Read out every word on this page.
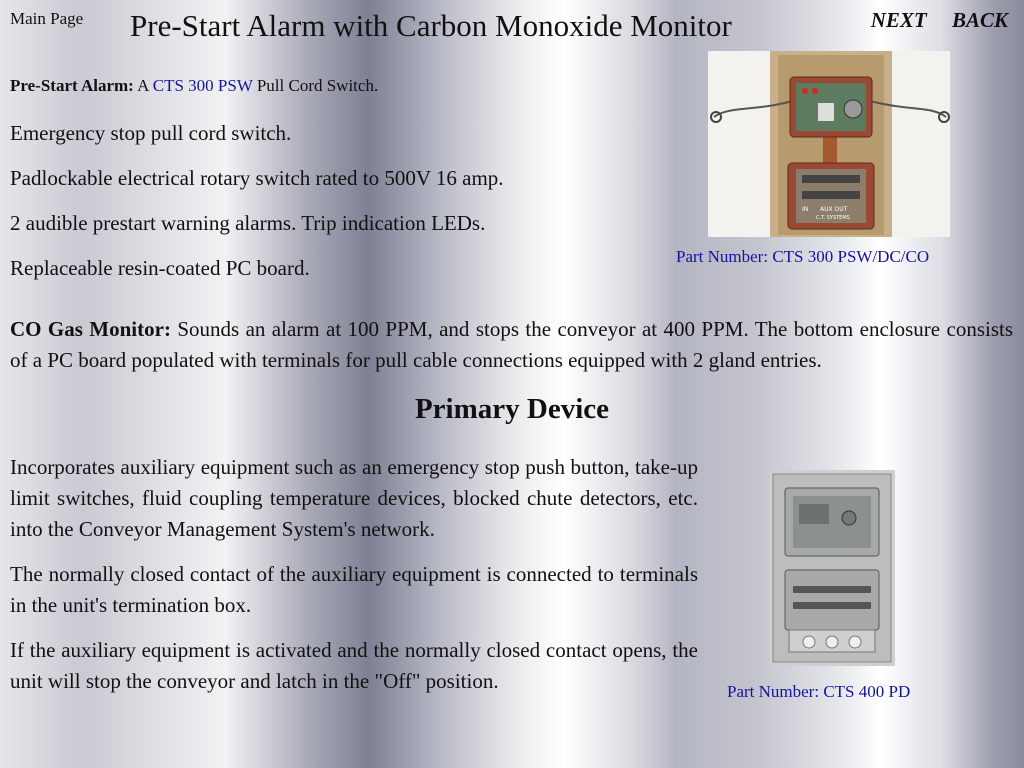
Main Page Pre-Start Alarm with Carbon Monoxide Monitor	NEXT BACK
Pre-Start Alarm: A CTS 300 PSW Pull Cord Switch.
Emergency stop pull cord switch.
Padlockable electrical rotary switch rated to 500V 16 amp.
2 audible prestart warning alarms. Trip indication LEDs.
Replaceable resin-coated PC board.
IN AUX OUT
C.T. SYSTEMS
Part Number: CTS 300 PSW/DC/CO
CO Gas Monitor: Sounds an alarm at 100 PPM, and stops the conveyor at 400 PPM. The bottom enclosure consists of a PC board populated with terminals for pull cable connections equipped with 2 gland entries.
Primary Device

Incorporates auxiliary equipment such as an emergency stop push button, take-up limit switches, fluid coupling temperature devices, blocked chute detectors, etc. into the Conveyor Management System's network.

The normally closed contact of the auxiliary equipment is connected to terminals in the unit's termination box.

If the auxiliary equipment is activated and the normally closed contact opens, the unit will stop the conveyor and latch in the "Off" position.	Part Number: CTS 400 PD
